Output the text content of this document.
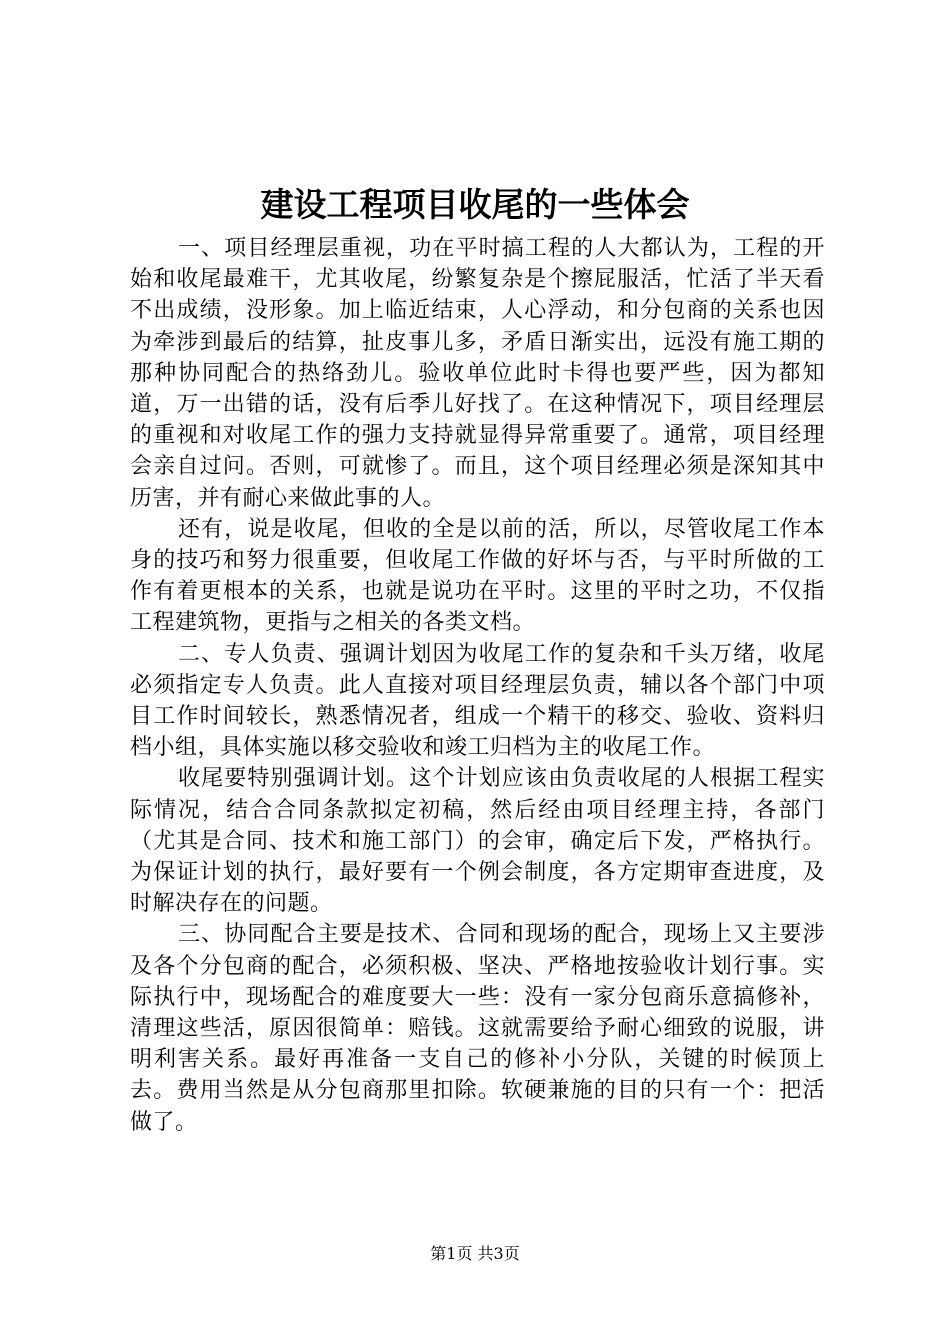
建设工程项目收尾的一些体会

一、项目经理层重视，功在平时搞工程的人大都认为，工程的开始和收尾最难干，尤其收尾，纷繁复杂是个擦屁服活，忙活了半天看不出成绩，没形象。加上临近结束，人心浮动，和分包商的关系也因为牵涉到最后的结算，扯皮事儿多，矛盾日渐实出，远没有施工期的那种协同配合的热络劲儿。验收单位此时卡得也要严些，因为都知道，万一出错的话，没有后季儿好找了。在这种情况下，项目经理层的重视和对收尾工作的强力支持就显得异常重要了。通常，项目经理会亲自过问。否则，可就惨了。而且，这个项目经理必须是深知其中历害，并有耐心来做此事的人。

还有，说是收尾，但收的全是以前的活，所以，尽管收尾工作本身的技巧和努力很重要，但收尾工作做的好坏与否，与平时所做的工作有着更根本的关系，也就是说功在平时。这里的平时之功，不仅指工程建筑物，更指与之相关的各类文档。

二、专人负责、强调计划因为收尾工作的复杂和千头万绪，收尾必须指定专人负责。此人直接对项目经理层负责，辅以各个部门中项目工作时间较长，熟悉情况者，组成一个精干的移交、验收、资料归档小组，具体实施以移交验收和竣工归档为主的收尾工作。

收尾要特别强调计划。这个计划应该由负责收尾的人根据工程实际情况，结合合同条款拟定初稿，然后经由项目经理主持，各部门（尤其是合同、技术和施工部门）的会审，确定后下发，严格执行。为保证计划的执行，最好要有一个例会制度，各方定期审查进度，及时解决存在的问题。

三、协同配合主要是技术、合同和现场的配合，现场上又主要涉及各个分包商的配合，必须积极、坚决、严格地按验收计划行事。实际执行中，现场配合的难度要大一些：没有一家分包商乐意搞修补，清理这些活，原因很简单：赔钱。这就需要给予耐心细致的说服，讲明利害关系。最好再准备一支自己的修补小分队，关键的时候顶上去。费用当然是从分包商那里扣除。软硬兼施的目的只有一个：把活做了。

第1页 共3页
